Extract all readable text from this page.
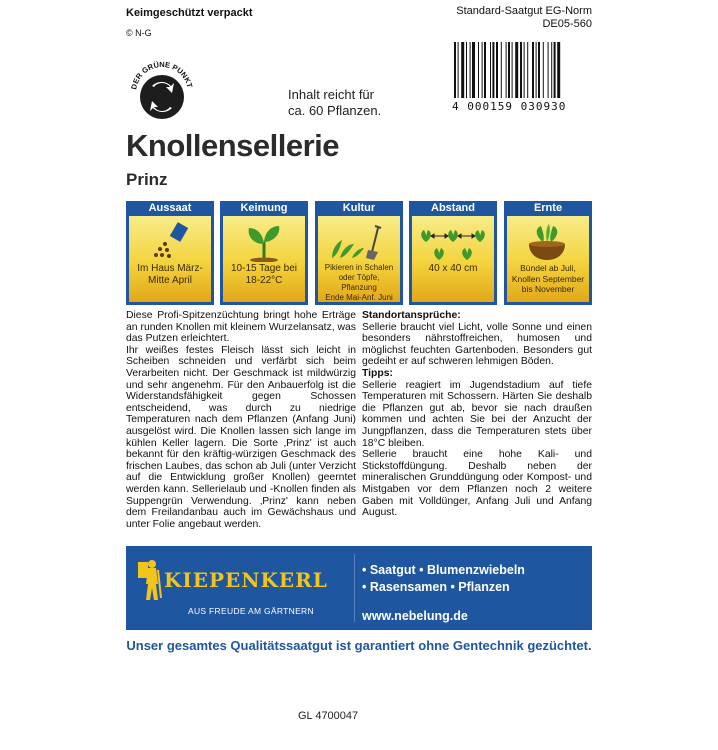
Keimgeschützt verpackt
© N-G
Standard-Saatgut EG-Norm
DE05-560
DER GRÜNE PUNKT
Inhalt reicht für
ca. 60 Pflanzen.	4 000159 030930
Knollensellerie
Prinz
Aussaat
Im Haus März-
Mitte April
Keimung
10-15 Tage bei
18-22°C
Kultur
Pikieren in Schalen
oder Töpfe, Pflanzung
Ende Mai-Anf. Juni
Abstand
40 x 40 cm
Ernte
Bündel ab Juli,
Knollen September
bis November

Diese Profi-Spitzenzüchtung bringt hohe Erträge an runden Knollen mit kleinem Wurzelansatz, was das Putzen erleichtert.

Ihr weißes festes Fleisch lässt sich leicht in Scheiben schneiden und verfärbt sich beim Verarbeiten nicht. Der Geschmack ist mildwürzig und sehr angenehm. Für den Anbauerfolg ist die Widerstandsfähigkeit gegen Schossen entscheidend, was durch zu niedrige Temperaturen nach dem Pflanzen (Anfang Juni) ausgelöst wird. Die Knollen lassen sich lange im kühlen Keller lagern. Die Sorte ‚Prinz' ist auch bekannt für den kräftig-würzigen Geschmack des frischen Laubes, das schon ab Juli (unter Verzicht auf die Entwicklung großer Knollen) geerntet werden kann. Sellerielaub und -Knollen finden als Suppengrün Verwendung. ‚Prinz' kann neben dem Freilandanbau auch im Gewächshaus und unter Folie angebaut werden.

Standortansprüche:

Sellerie braucht viel Licht, volle Sonne und einen besonders nährstoffreichen, humosen und möglichst feuchten Gartenboden. Besonders gut gedeiht er auf schweren lehmigen Böden.

Tipps:

Sellerie reagiert im Jugendstadium auf tiefe Temperaturen mit Schossern. Härten Sie deshalb die Pflanzen gut ab, bevor sie nach draußen kommen und achten Sie bei der Anzucht der Jungpflanzen, dass die Temperaturen stets über 18°C bleiben.

Sellerie braucht eine hohe Kali- und Stickstoffdüngung. Deshalb neben der mineralischen Grunddüngung oder Kompost- und Mistgaben vor dem Pflanzen noch 2 weitere Gaben mit Volldünger, Anfang Juli und Anfang August.

KIEPENKERL
AUS FREUDE AM GÄRTNERN
• Saatgut • Blumenzwiebeln
• Rasensamen • Pflanzen
www.nebelung.de
Unser gesamtes Qualitätssaatgut ist garantiert ohne Gentechnik gezüchtet.
GL 4700047
